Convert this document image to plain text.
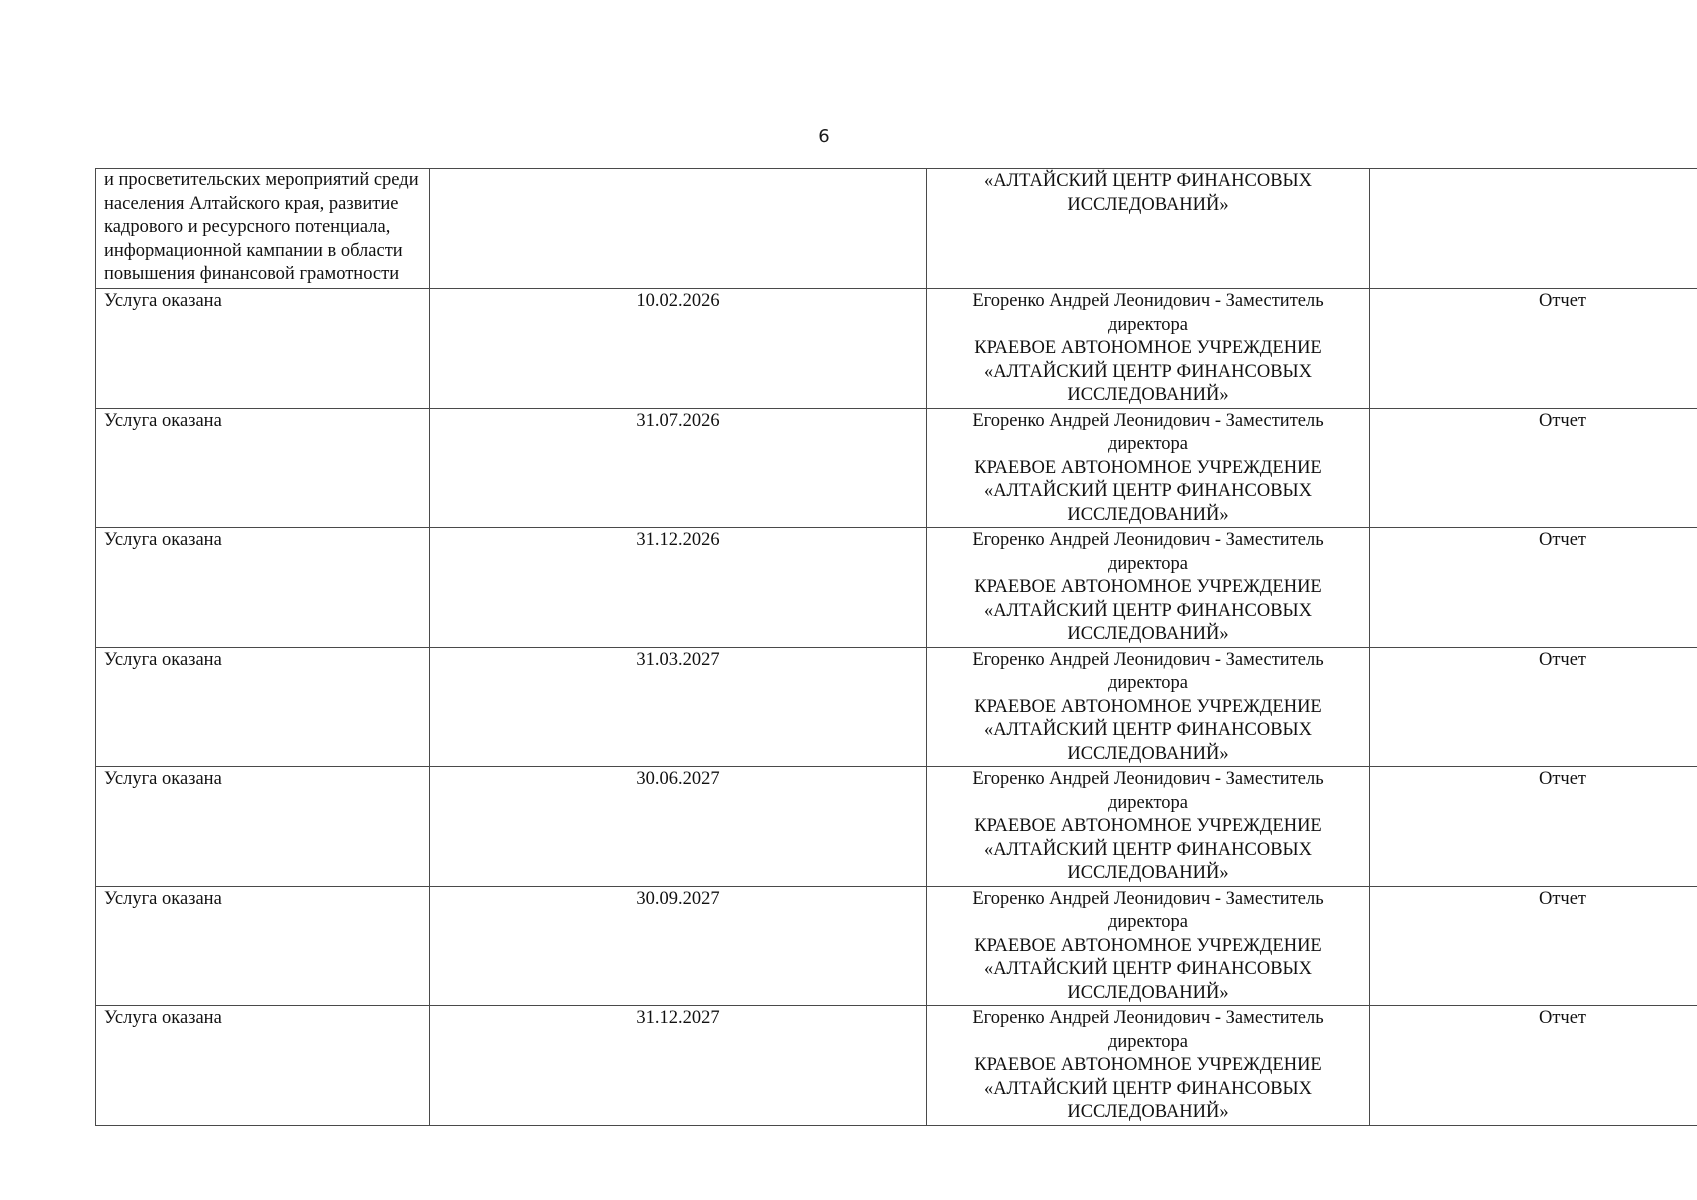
6
и просветительских мероприятий среди
населения Алтайского края, развитие
кадрового и ресурсного потенциала,
информационной кампании в области
повышения финансовой грамотности		«АЛТАЙСКИЙ ЦЕНТР ФИНАНСОВЫХ
ИССЛЕДОВАНИЙ»	

Услуга оказана	10.02.2026	Егоренко Андрей Леонидович - Заместитель
директора
КРАЕВОЕ АВТОНОМНОЕ УЧРЕЖДЕНИЕ
«АЛТАЙСКИЙ ЦЕНТР ФИНАНСОВЫХ
ИССЛЕДОВАНИЙ»	Отчет
Услуга оказана	31.07.2026	Егоренко Андрей Леонидович - Заместитель
директора
КРАЕВОЕ АВТОНОМНОЕ УЧРЕЖДЕНИЕ
«АЛТАЙСКИЙ ЦЕНТР ФИНАНСОВЫХ
ИССЛЕДОВАНИЙ»	Отчет
Услуга оказана	31.12.2026	Егоренко Андрей Леонидович - Заместитель
директора
КРАЕВОЕ АВТОНОМНОЕ УЧРЕЖДЕНИЕ
«АЛТАЙСКИЙ ЦЕНТР ФИНАНСОВЫХ
ИССЛЕДОВАНИЙ»	Отчет
Услуга оказана	31.03.2027	Егоренко Андрей Леонидович - Заместитель
директора
КРАЕВОЕ АВТОНОМНОЕ УЧРЕЖДЕНИЕ
«АЛТАЙСКИЙ ЦЕНТР ФИНАНСОВЫХ
ИССЛЕДОВАНИЙ»	Отчет
Услуга оказана	30.06.2027	Егоренко Андрей Леонидович - Заместитель
директора
КРАЕВОЕ АВТОНОМНОЕ УЧРЕЖДЕНИЕ
«АЛТАЙСКИЙ ЦЕНТР ФИНАНСОВЫХ
ИССЛЕДОВАНИЙ»	Отчет
Услуга оказана	30.09.2027	Егоренко Андрей Леонидович - Заместитель
директора
КРАЕВОЕ АВТОНОМНОЕ УЧРЕЖДЕНИЕ
«АЛТАЙСКИЙ ЦЕНТР ФИНАНСОВЫХ
ИССЛЕДОВАНИЙ»	Отчет
Услуга оказана	31.12.2027	Егоренко Андрей Леонидович - Заместитель
директора
КРАЕВОЕ АВТОНОМНОЕ УЧРЕЖДЕНИЕ
«АЛТАЙСКИЙ ЦЕНТР ФИНАНСОВЫХ
ИССЛЕДОВАНИЙ»	Отчет
